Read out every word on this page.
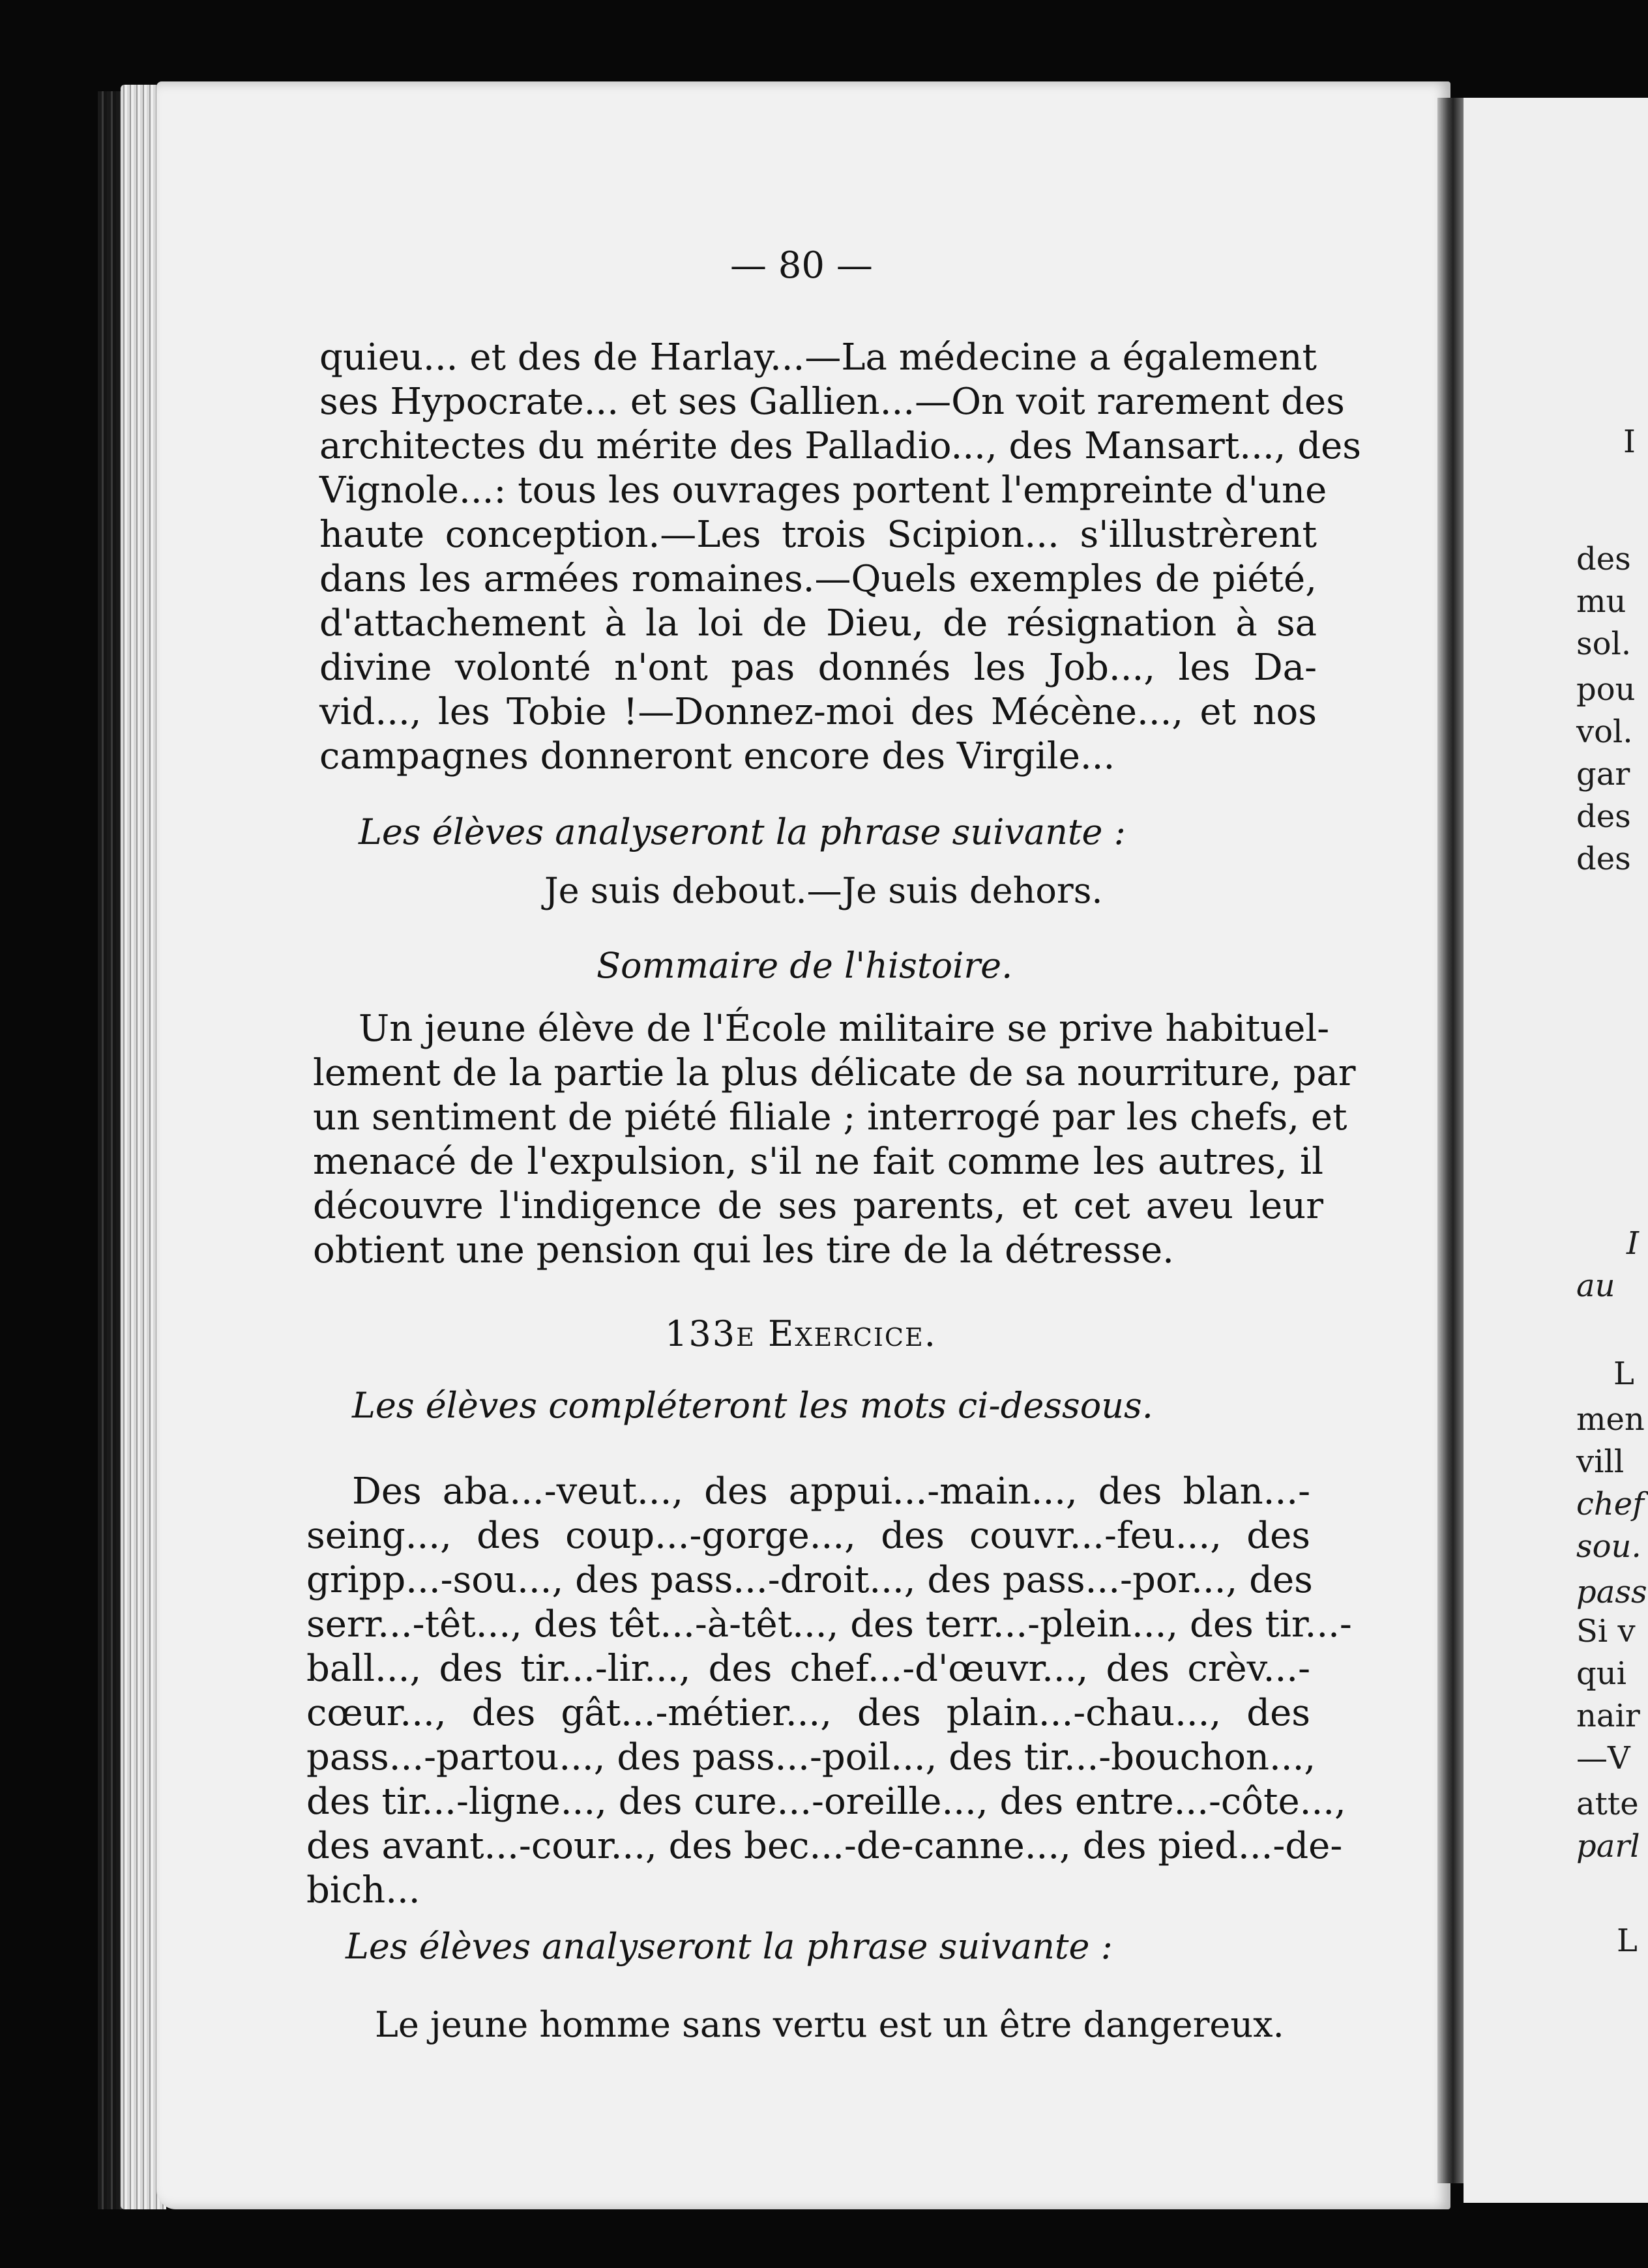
I
des
mu
sol.
pou
vol.
gar
des
des
I
au
L
men
vill
chef
sou.
pass
Si v
qui
nair
—V
atte
parl
L
— 80 —
quieu... et des de Harlay...—La médecine a également
ses Hypocrate... et ses Gallien...—On voit rarement des
architectes du mérite des Palladio..., des Mansart..., des
Vignole...: tous les ouvrages portent l'empreinte d'une
haute conception.—Les trois Scipion... s'illustrèrent
dans les armées romaines.—Quels exemples de piété,
d'attachement à la loi de Dieu, de résignation à sa
divine volonté n'ont pas donnés les Job..., les Da-
vid..., les Tobie !—Donnez-moi des Mécène..., et nos
campagnes donneront encore des Virgile...
Les élèves analyseront la phrase suivante :
Je suis debout.—Je suis dehors.
Sommaire de l'histoire.
Un jeune élève de l'École militaire se prive habituel-
lement de la partie la plus délicate de sa nourriture, par
un sentiment de piété filiale ; interrogé par les chefs, et
menacé de l'expulsion, s'il ne fait comme les autres, il
découvre l'indigence de ses parents, et cet aveu leur
obtient une pension qui les tire de la détresse.
133e Exercice.
Les élèves compléteront les mots ci-dessous.
Des aba...-veut..., des appui...-main..., des blan...-
seing..., des coup...-gorge..., des couvr...-feu..., des
gripp...-sou..., des pass...-droit..., des pass...-por..., des
serr...-têt..., des têt...-à-têt..., des terr...-plein..., des tir...-
ball..., des tir...-lir..., des chef...-d'œuvr..., des crèv...-
cœur..., des gât...-métier..., des plain...-chau..., des
pass...-partou..., des pass...-poil..., des tir...-bouchon...,
des tir...-ligne..., des cure...-oreille..., des entre...-côte...,
des avant...-cour..., des bec...-de-canne..., des pied...-de-
bich...
Les élèves analyseront la phrase suivante :
Le jeune homme sans vertu est un être dangereux.
